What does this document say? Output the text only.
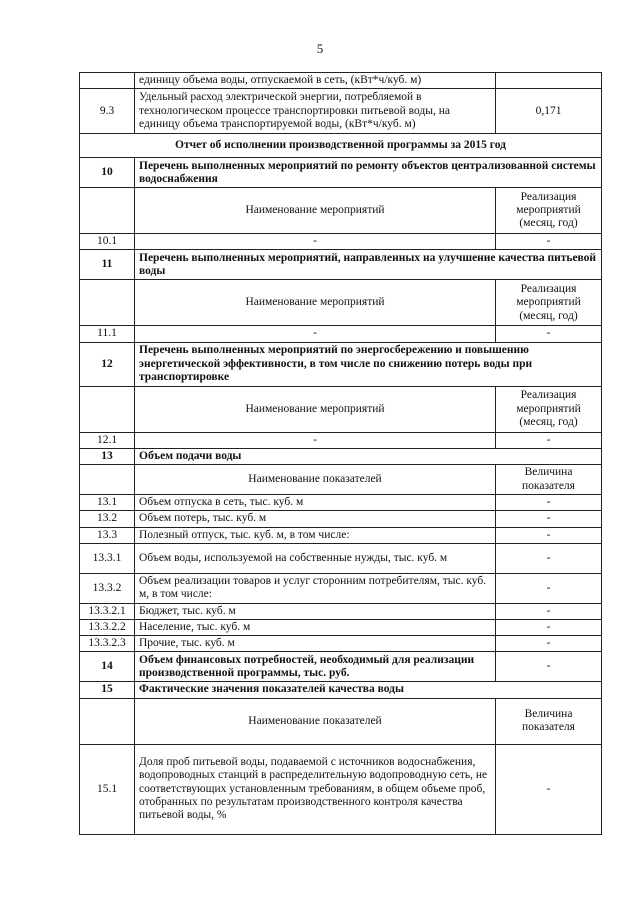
5
	единицу объема воды, отпускаемой в сеть, (кВт*ч/куб. м)	
9.3	Удельный расход электрической энергии, потребляемой в технологическом процессе транспортировки питьевой воды, на единицу объема транспортируемой воды, (кВт*ч/куб. м)	0,171
Отчет об исполнении производственной программы за 2015 год		
10	Перечень выполненных мероприятий по ремонту объектов централизованной системы водоснабжения	
	Наименование мероприятий	Реализация мероприятий (месяц, год)
10.1	-	-
11	Перечень выполненных мероприятий, направленных на улучшение качества питьевой воды	
	Наименование мероприятий	Реализация мероприятий (месяц, год)
11.1	-	-
12	Перечень выполненных мероприятий по энергосбережению и повышению энергетической эффективности, в том числе по снижению потерь воды при транспортировке	
	Наименование мероприятий	Реализация мероприятий (месяц, год)
12.1	-	-
13	Объем подачи воды	
	Наименование показателей	Величина показателя
13.1	Объем отпуска в сеть, тыс. куб. м	-
13.2	Объем потерь, тыс. куб. м	-
13.3	Полезный отпуск, тыс. куб. м, в том числе:	-
13.3.1	Объем воды, используемой на собственные нужды, тыс. куб. м	-
13.3.2	Объем реализации товаров и услуг сторонним потребителям, тыс. куб. м, в том числе:	-
13.3.2.1	Бюджет, тыс. куб. м	-
13.3.2.2	Население, тыс. куб. м	-
13.3.2.3	Прочие, тыс. куб. м	-
14	Объем финансовых потребностей, необходимый для реализации производственной программы, тыс. руб.	-
15	Фактические значения показателей качества воды	
	Наименование показателей	Величина показателя
15.1	Доля проб питьевой воды, подаваемой с источников водоснабжения, водопроводных станций в распределительную водопроводную сеть, не соответствующих установленным требованиям, в общем объеме проб, отобранных по результатам производственного контроля качества питьевой воды, %	-
